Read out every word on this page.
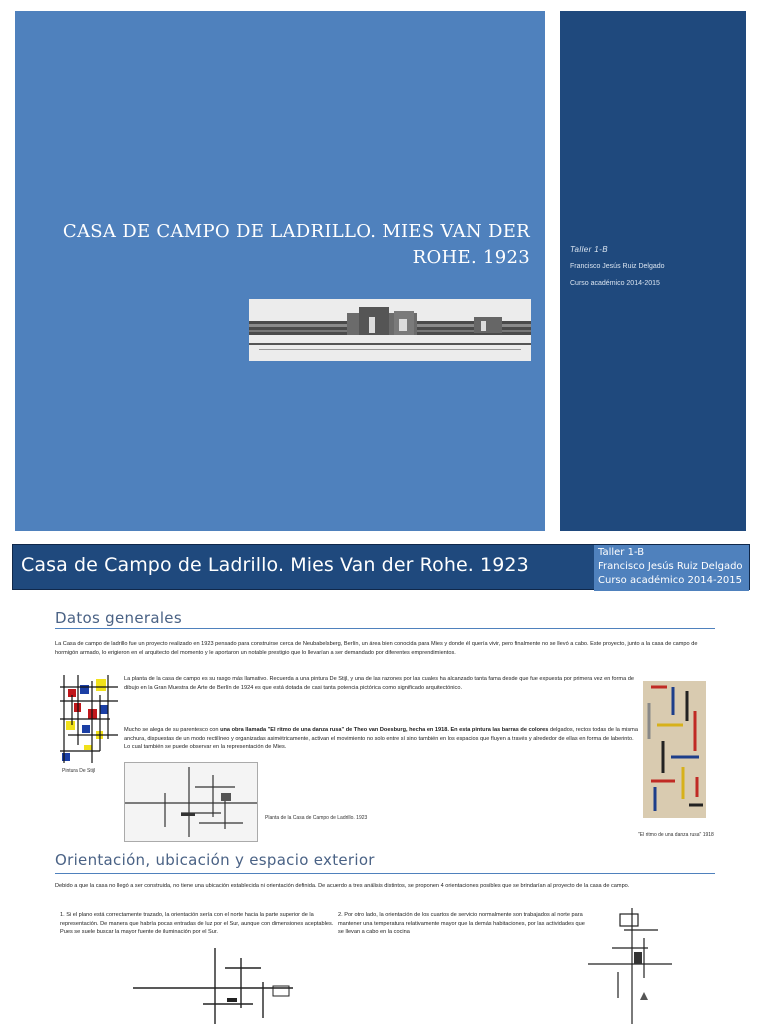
CASA DE CAMPO DE LADRILLO. MIES VAN DER ROHE. 1923	Taller 1-B
Francisco Jesús Ruiz Delgado
Curso académico 2014-2015
Casa de Campo de Ladrillo. Mies Van der Rohe. 1923
Taller 1-B
Francisco Jesús Ruiz Delgado
Curso académico 2014-2015
Datos generales
La Casa de campo de ladrillo fue un proyecto realizado en 1923 pensado para construirse cerca de Neubabelsberg, Berlín, un área bien conocida para Mies y donde él quería vivir, pero finalmente no se llevó a cabo. Este proyecto, junto a la casa de campo de hormigón armado, lo erigieron en el arquitecto del momento y le aportaron un notable prestigio que lo llevarían a ser demandado por diferentes emprendimientos.
Pintura De Stijl
La planta de la casa de campo es su rasgo más llamativo. Recuerda a una pintura De Stijl, y una de las razones por las cuales ha alcanzado tanta fama desde que fue expuesta por primera vez en forma de dibujo en la Gran Muestra de Arte de Berlín de 1924 es que está dotada de casi tanta potencia pictórica como significado arquitectónico.
Mucho se alega de su parentesco con una obra llamada "El ritmo de una danza rusa" de Theo van Doesburg, hecha en 1918. En esta pintura las barras de colores delgados, rectos todas de la misma anchura, dispuestas de un modo rectilíneo y organizadas asimétricamente, activan el movimiento no solo entre sí sino también en los espacios que fluyen a través y alrededor de ellas en forma de laberinto. Lo cual también se puede observar en la representación de Mies.
Planta de la Casa de Campo de Ladrillo. 1923
"El ritmo de una danza rusa" 1918
Orientación, ubicación y espacio exterior
Debido a que la casa no llegó a ser construida, no tiene una ubicación establecida ni orientación definida. De acuerdo a tres análisis distintos, se proponen 4 orientaciones posibles que se brindarían al proyecto de la casa de campo.
1. Si el plano está correctamente trazado, la orientación sería con el norte hacia la parte superior de la representación. De manera que habría pocas entradas de luz por el Sur, aunque con dimensiones aceptables. Pues se suele buscar la mayor fuente de iluminación por el Sur.
2. Por otro lado, la orientación de los cuartos de servicio normalmente son trabajados al norte para mantener una temperatura relativamente mayor que la demás habitaciones, por las actividades que se llevan a cabo en la cocina
